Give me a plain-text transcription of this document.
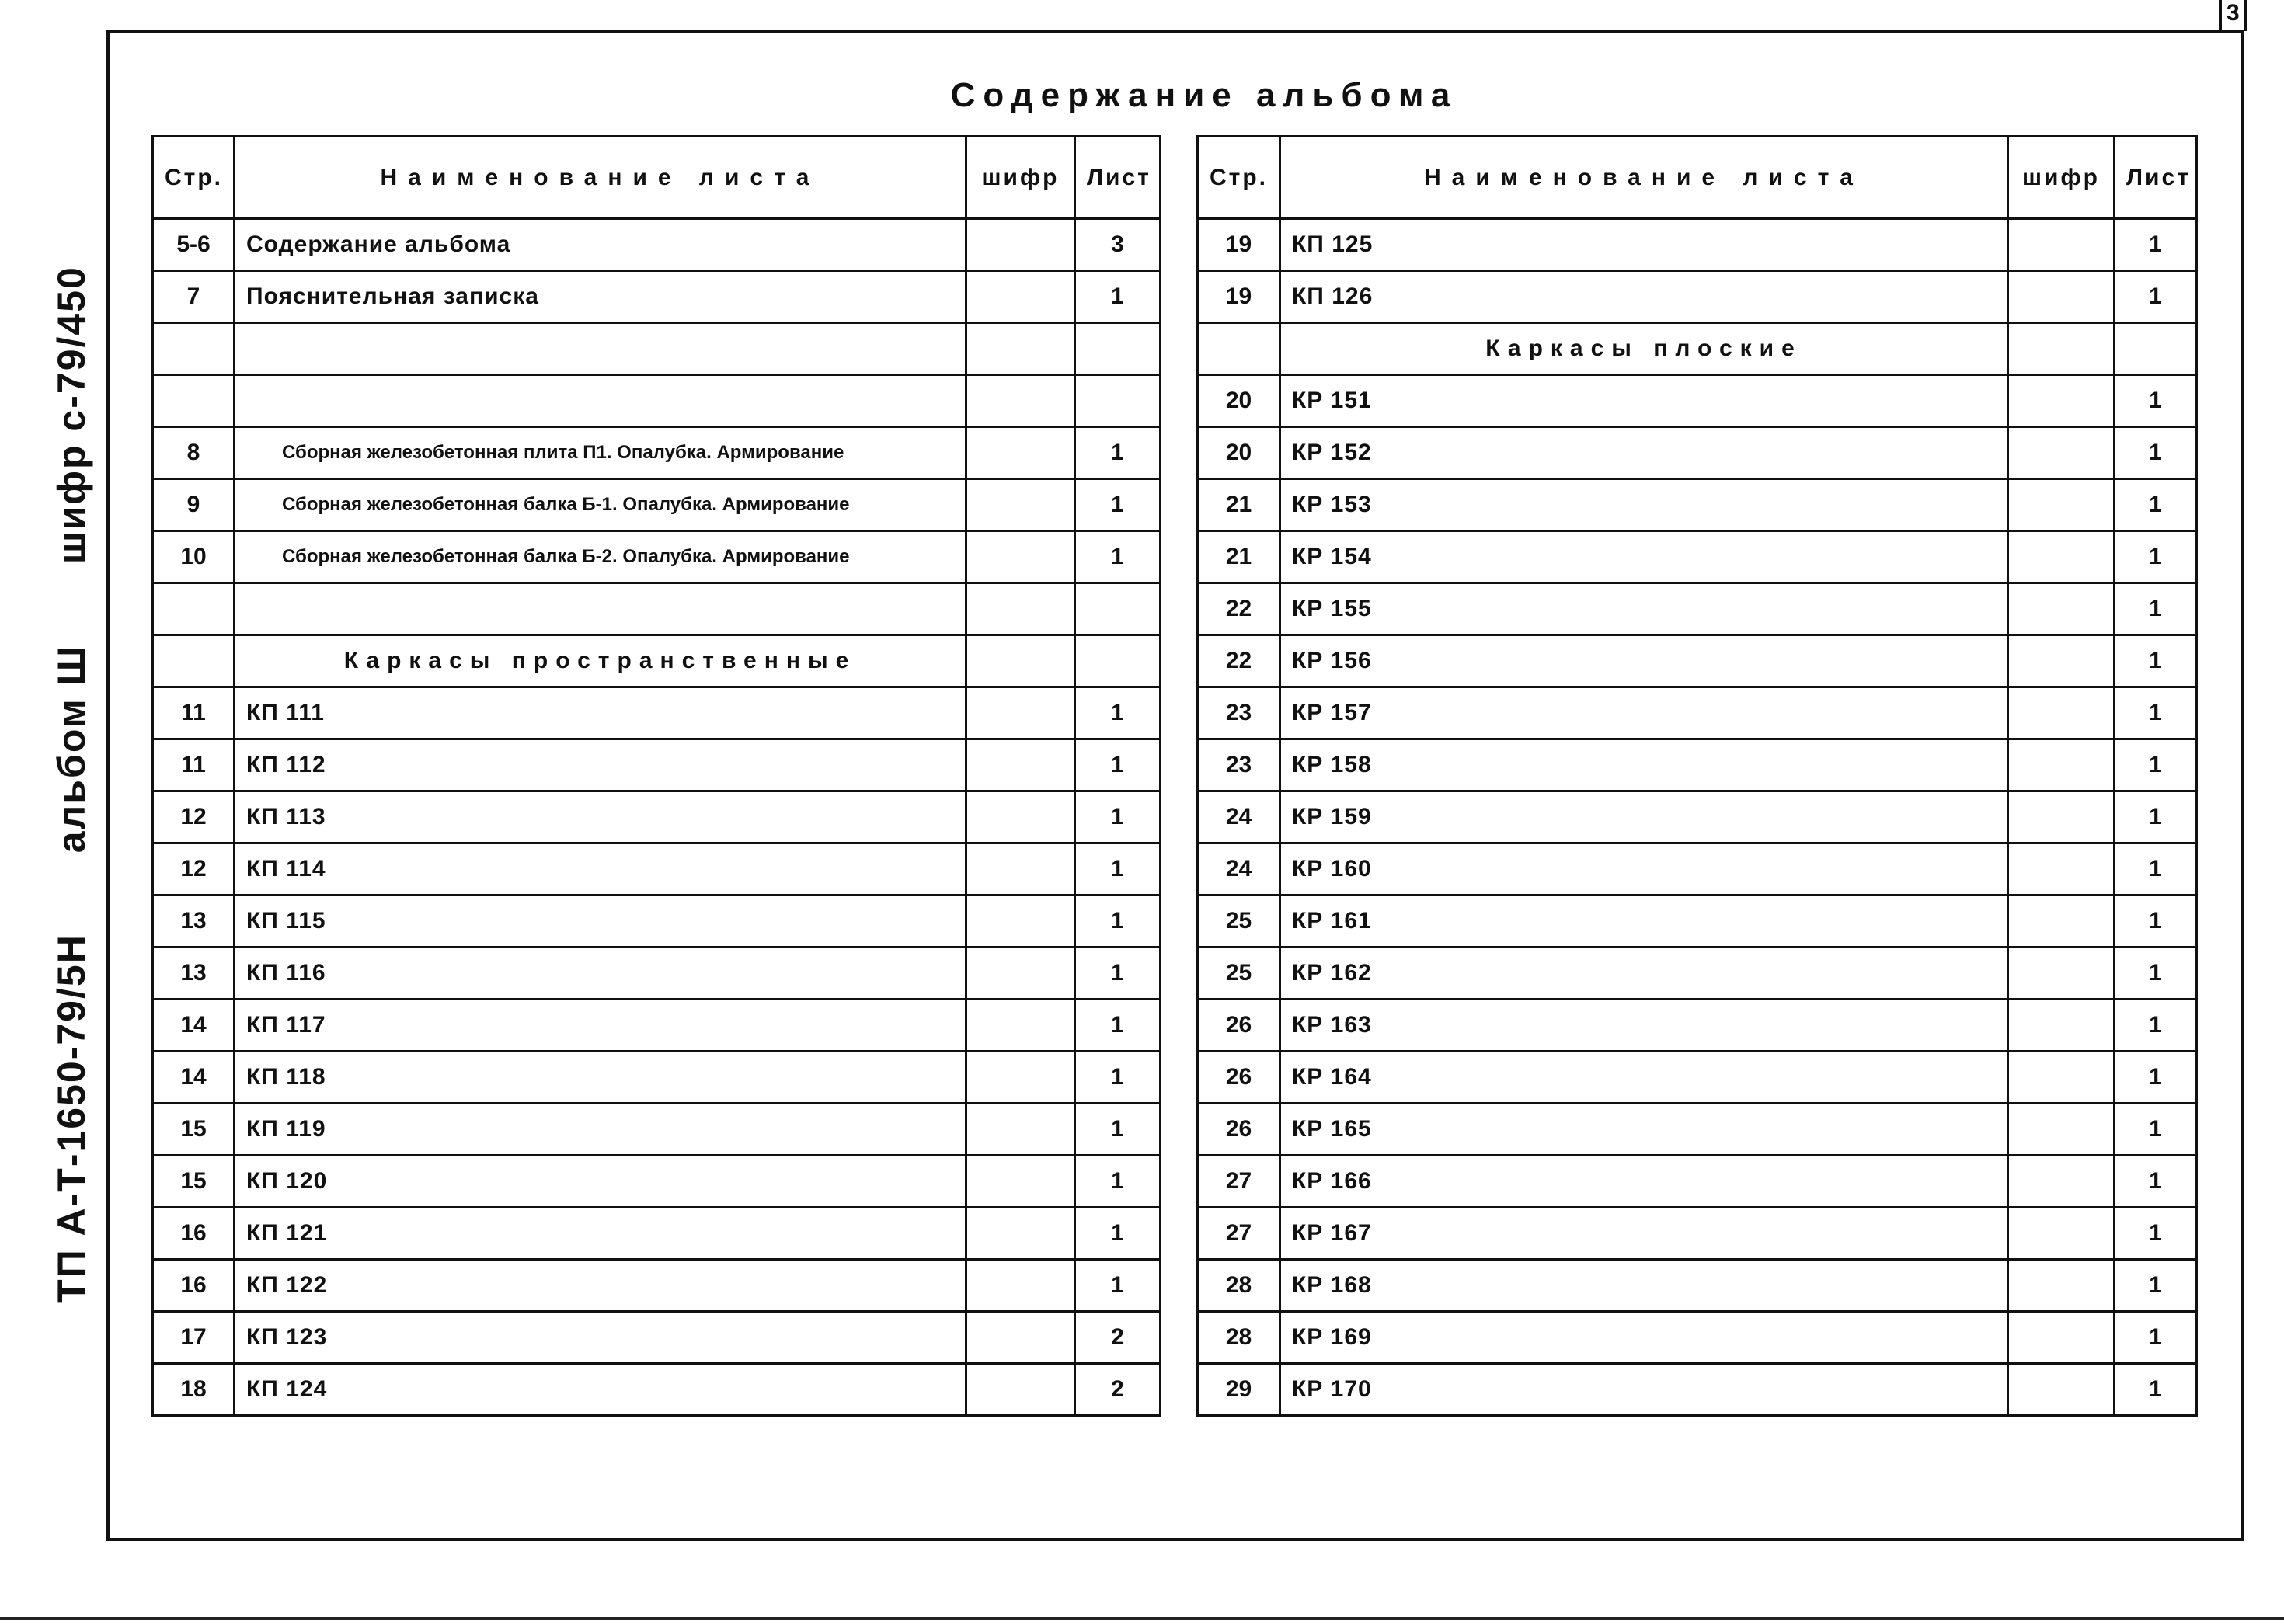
3
ТП А-Т-1650-79/5Н альбом Ш шифр с-79/450
Содержание альбома
Стр.	Наименование листа	шифр	Лист
5-6	Содержание альбома		3
7	Пояснительная записка		1

8	Сборная железобетонная плита П1. Опалубка. Армирование		1
9	Сборная железобетонная балка Б-1. Опалубка. Армирование		1
10	Сборная железобетонная балка Б-2. Опалубка. Армирование		1

	Каркасы пространственные		
11	КП 111		1
11	КП 112		1
12	КП 113		1
12	КП 114		1
13	КП 115		1
13	КП 116		1
14	КП 117		1
14	КП 118		1
15	КП 119		1
15	КП 120		1
16	КП 121		1
16	КП 122		1
17	КП 123		2
18	КП 124		2
Стр.	Наименование листа	шифр	Лист
19	КП 125		1
19	КП 126		1
	Каркасы плоские		
20	КР 151		1
20	КР 152		1
21	КР 153		1
21	КР 154		1
22	КР 155		1
22	КР 156		1
23	КР 157		1
23	КР 158		1
24	КР 159		1
24	КР 160		1
25	КР 161		1
25	КР 162		1
26	КР 163		1
26	КР 164		1
26	КР 165		1
27	КР 166		1
27	КР 167		1
28	КР 168		1
28	КР 169		1
29	КР 170		1
